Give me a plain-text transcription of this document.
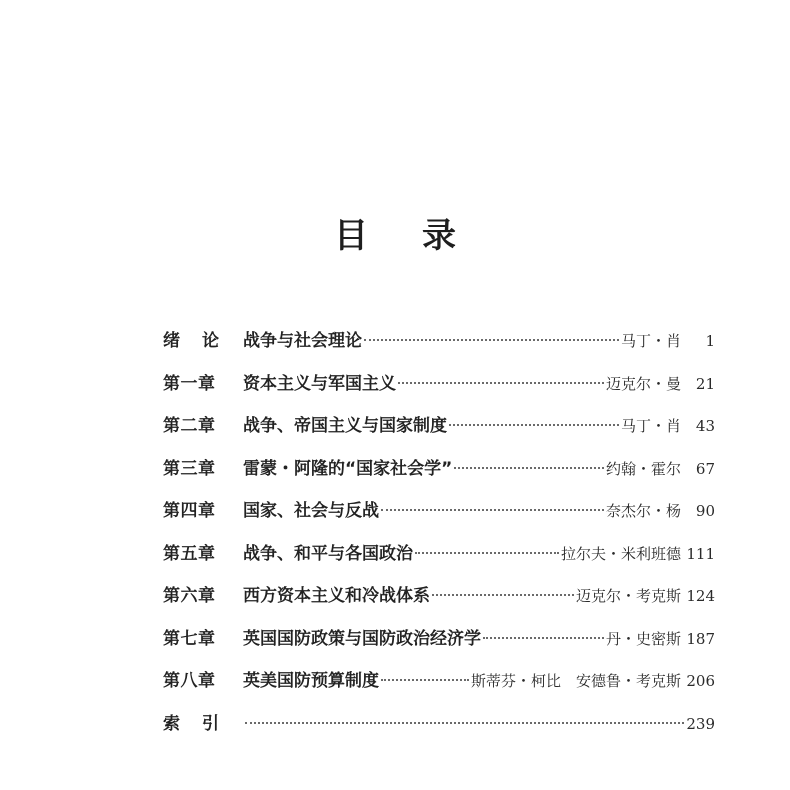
目录
绪论 战争与社会理论	马丁・肖	1
第一章	资本主义与军国主义	迈克尔・曼 21
第二章	战争、帝国主义与国家制度	马丁・肖 43
第三章	雷蒙・阿隆的“国家社会学”	约翰・霍尔 67
第四章	国家、社会与反战	奈杰尔・杨 90
第五章	战争、和平与各国政治	拉尔夫・米利班德 111
第六章	西方资本主义和冷战体系	迈克尔・考克斯 124
第七章	英国国防政策与国防政治经济学	丹・史密斯 187
第八章	英美国防预算制度	斯蒂芬・柯比　安德鲁・考克斯 206
索引	239
